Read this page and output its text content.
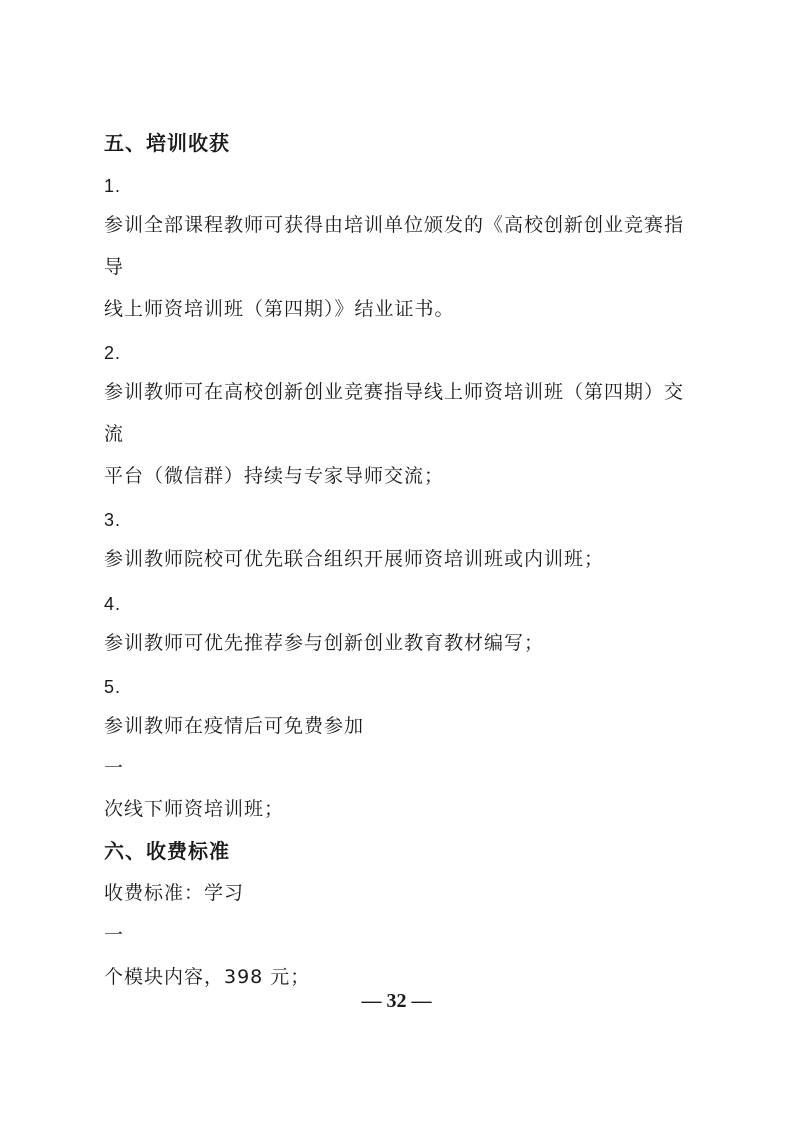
五、培训收获
1.
参训全部课程教师可获得由培训单位颁发的《高校创新创业竞赛指
导
线上师资培训班（第四期）》结业证书。
2.
参训教师可在高校创新创业竞赛指导线上师资培训班（第四期）交
流
平台（微信群）持续与专家导师交流；
3.
参训教师院校可优先联合组织开展师资培训班或内训班；
4.
参训教师可优先推荐参与创新创业教育教材编写；
5.
参训教师在疫情后可免费参加
一
次线下师资培训班；
六、收费标准
收费标准：学习
一
个模块内容，398 元；
— 32 —
